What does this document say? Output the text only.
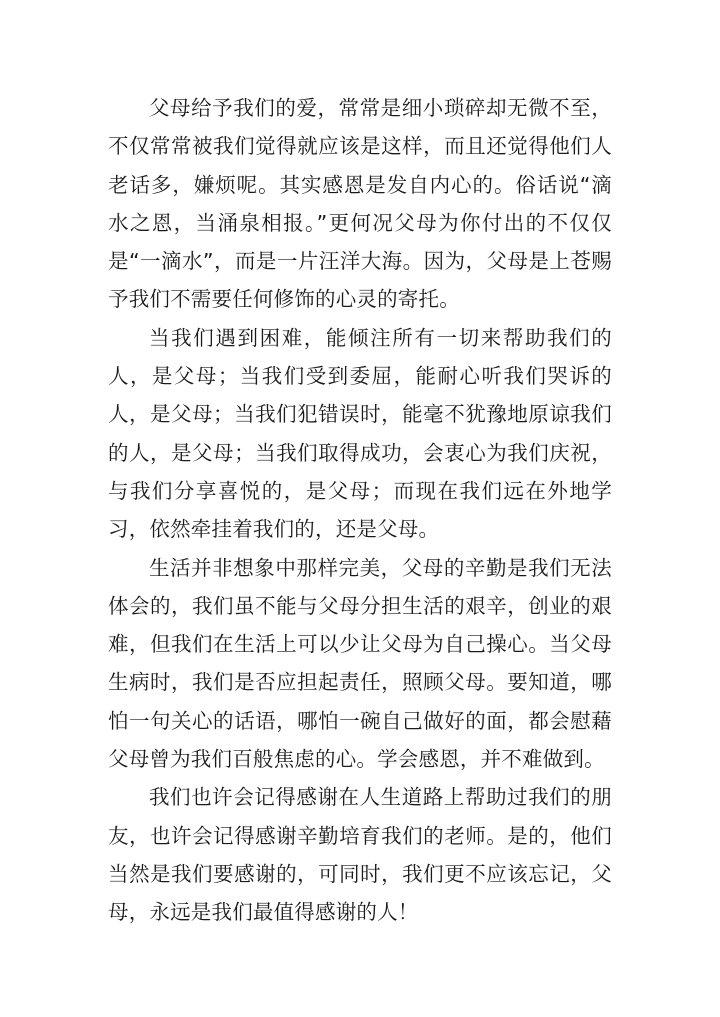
父母给予我们的爱，常常是细小琐碎却无微不至，不仅常常被我们觉得就应该是这样，而且还觉得他们人老话多，嫌烦呢。其实感恩是发自内心的。俗话说“滴水之恩，当涌泉相报。”更何况父母为你付出的不仅仅是“一滴水”，而是一片汪洋大海。因为，父母是上苍赐予我们不需要任何修饰的心灵的寄托。

当我们遇到困难，能倾注所有一切来帮助我们的人，是父母；当我们受到委屈，能耐心听我们哭诉的人，是父母；当我们犯错误时，能毫不犹豫地原谅我们的人，是父母；当我们取得成功，会衷心为我们庆祝，与我们分享喜悦的，是父母；而现在我们远在外地学习，依然牵挂着我们的，还是父母。

生活并非想象中那样完美，父母的辛勤是我们无法体会的，我们虽不能与父母分担生活的艰辛，创业的艰难，但我们在生活上可以少让父母为自己操心。当父母生病时，我们是否应担起责任，照顾父母。要知道，哪怕一句关心的话语，哪怕一碗自己做好的面，都会慰藉父母曾为我们百般焦虑的心。学会感恩，并不难做到。

我们也许会记得感谢在人生道路上帮助过我们的朋友，也许会记得感谢辛勤培育我们的老师。是的，他们当然是我们要感谢的，可同时，我们更不应该忘记，父母，永远是我们最值得感谢的人！
